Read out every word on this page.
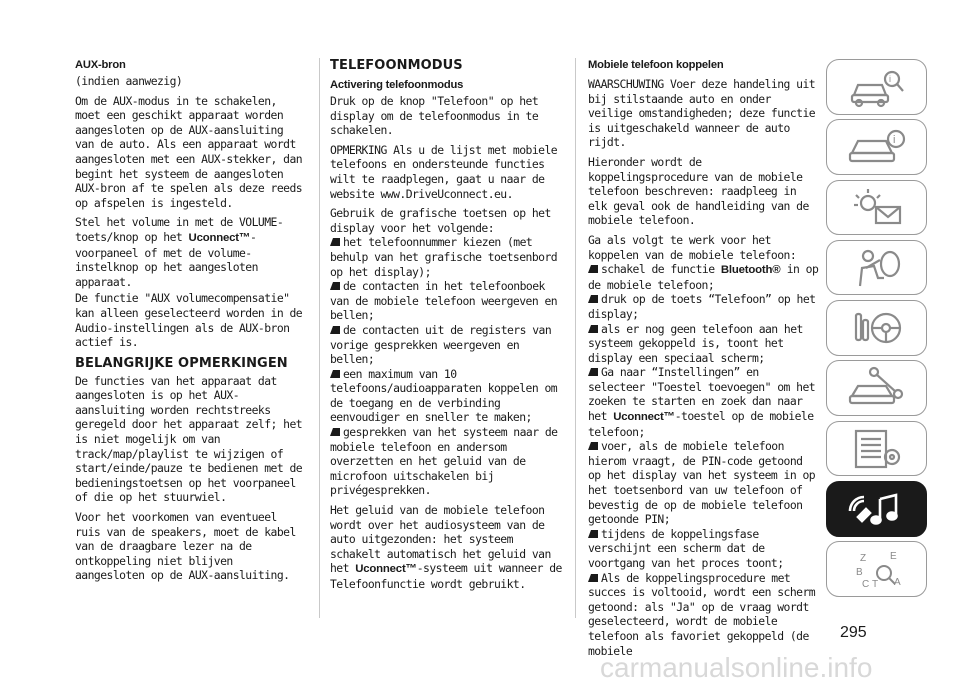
AUX-bron
(indien aanwezig)
Om de AUX-modus in te schakelen, moet een geschikt apparaat worden aangesloten op de AUX-aansluiting van de auto. Als een apparaat wordt aangesloten met een AUX-stekker, dan begint het systeem de aangesloten AUX-bron af te spelen als deze reeds op afspelen is ingesteld.
Stel het volume in met de VOLUME-toets/knop op het Uconnect™-voorpaneel of met de volume-instelknop op het aangesloten apparaat.
De functie "AUX volumecompensatie" kan alleen geselecteerd worden in de Audio-instellingen als de AUX-bron actief is.
BELANGRIJKE OPMERKINGEN
De functies van het apparaat dat aangesloten is op het AUX-aansluiting worden rechtstreeks geregeld door het apparaat zelf; het is niet mogelijk om van track/map/playlist te wijzigen of start/einde/pauze te bedienen met de bedieningstoetsen op het voorpaneel of die op het stuurwiel.
Voor het voorkomen van eventueel ruis van de speakers, moet de kabel van de draagbare lezer na de ontkoppeling niet blijven aangesloten op de AUX-aansluiting.
TELEFOONMODUS
Activering telefoonmodus
Druk op de knop "Telefoon" op het display om de telefoonmodus in te schakelen.
OPMERKING Als u de lijst met mobiele telefoons en ondersteunde functies wilt te raadplegen, gaat u naar de website www.DriveUconnect.eu.
Gebruik de grafische toetsen op het display voor het volgende:
het telefoonnummer kiezen (met behulp van het grafische toetsenbord op het display);
de contacten in het telefoonboek van de mobiele telefoon weergeven en bellen;
de contacten uit de registers van vorige gesprekken weergeven en bellen;
een maximum van 10 telefoons/audioapparaten koppelen om de toegang en de verbinding eenvoudiger en sneller te maken;
gesprekken van het systeem naar de mobiele telefoon en andersom overzetten en het geluid van de microfoon uitschakelen bij privégesprekken.
Het geluid van de mobiele telefoon wordt over het audiosysteem van de auto uitgezonden: het systeem schakelt automatisch het geluid van het Uconnect™-systeem uit wanneer de Telefoonfunctie wordt gebruikt.
Mobiele telefoon koppelen
WAARSCHUWING Voer deze handeling uit bij stilstaande auto en onder veilige omstandigheden; deze functie is uitgeschakeld wanneer de auto rijdt.
Hieronder wordt de koppelingsprocedure van de mobiele telefoon beschreven: raadpleeg in elk geval ook de handleiding van de mobiele telefoon.
Ga als volgt te werk voor het koppelen van de mobiele telefoon:
schakel de functie Bluetooth® in op de mobiele telefoon;
druk op de toets “Telefoon” op het display;
als er nog geen telefoon aan het systeem gekoppeld is, toont het display een speciaal scherm;
Ga naar “Instellingen” en selecteer "Toestel toevoegen" om het zoeken te starten en zoek dan naar het Uconnect™-toestel op de mobiele telefoon;
voer, als de mobiele telefoon hierom vraagt, de PIN-code getoond op het display van het systeem in op het toetsenbord van uw telefoon of bevestig de op de mobiele telefoon getoonde PIN;
tijdens de koppelingsfase verschijnt een scherm dat de voortgang van het proces toont;
Als de koppelingsprocedure met succes is voltooid, wordt een scherm getoond: als "Ja" op de vraag wordt geselecteerd, wordt de mobiele telefoon als favoriet gekoppeld (de mobiele
i
i
Z E
B
C T A
295
carmanualsonline.info
